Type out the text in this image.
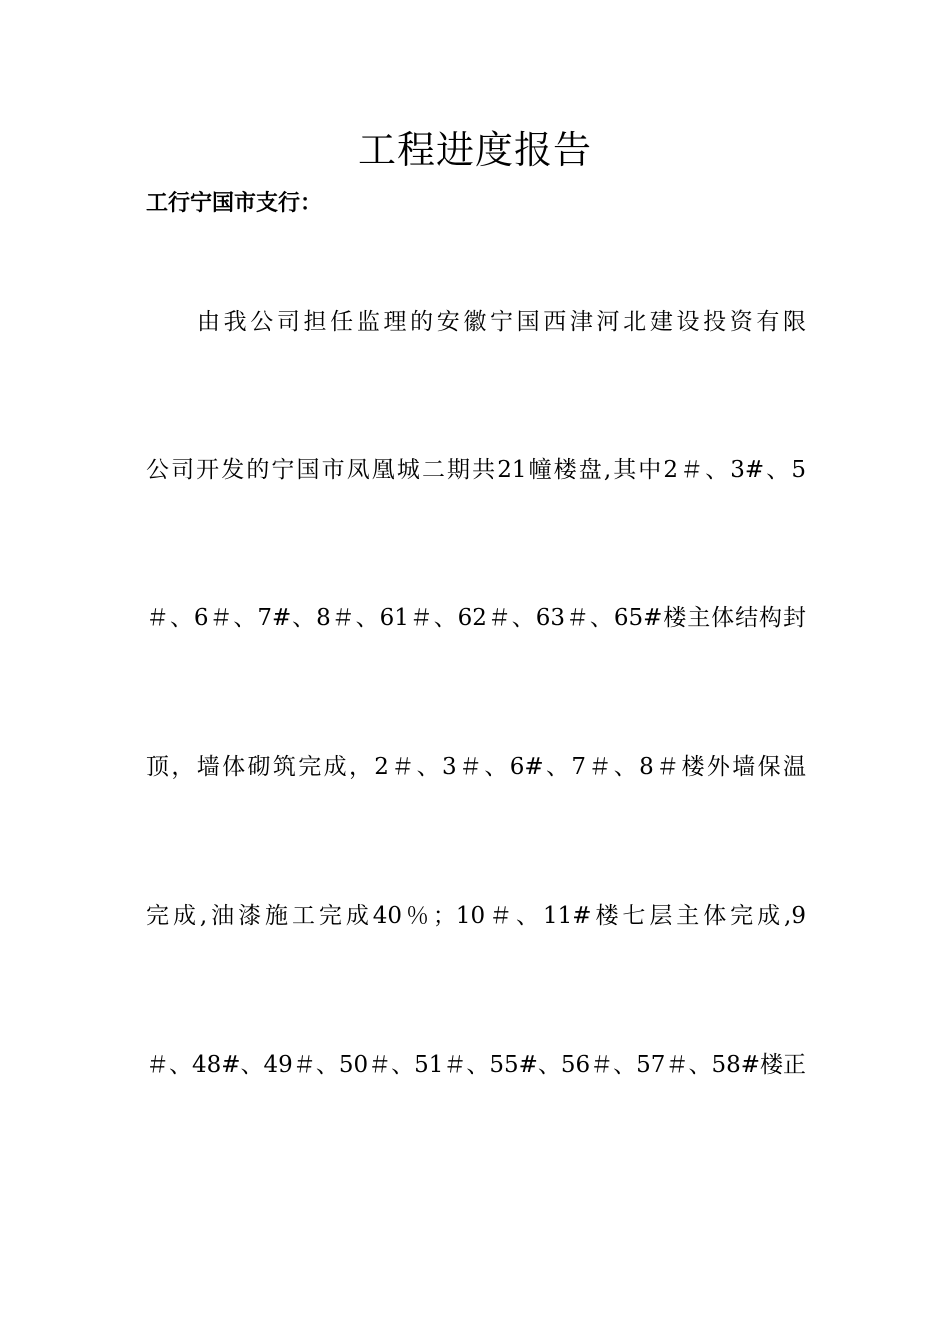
工程进度报告
工行宁国市支行：
由我公司担任监理的安徽宁国西津河北建设投资有限
公司开发的宁国市凤凰城二期共21幢楼盘,其中2＃、3#、5
＃、6＃、7#、8＃、61＃、62＃、63＃、65#楼主体结构封
顶，墙体砌筑完成，2＃、3＃、6#、7＃、8＃楼外墙保温
完成,油漆施工完成40％；10＃、11#楼七层主体完成,9
＃、48#、49＃、50＃、51＃、55#、56＃、57＃、58#楼正
